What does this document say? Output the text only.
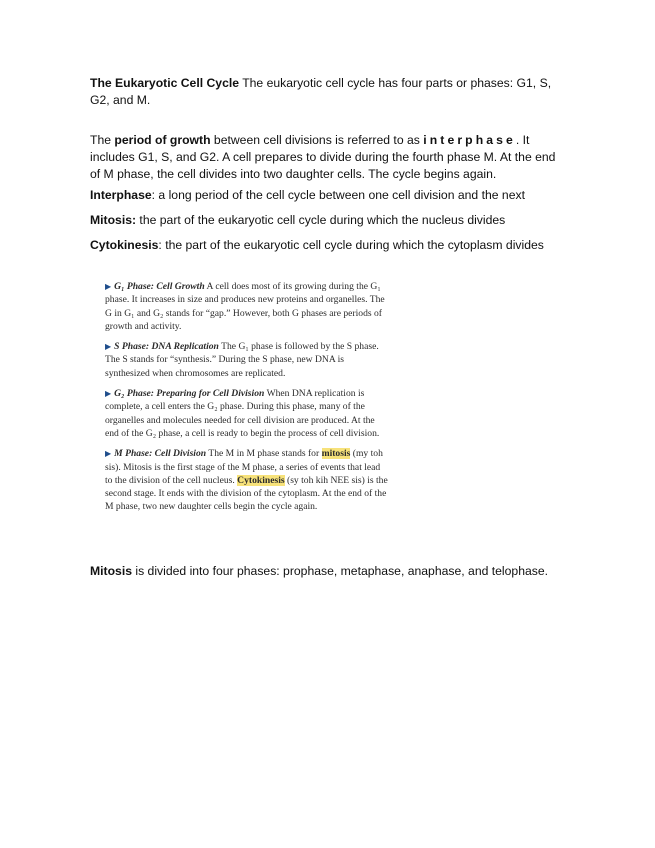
The Eukaryotic Cell Cycle The eukaryotic cell cycle has four parts or phases: G1, S, G2, and M.

The period of growth between cell divisions is referred to as interphase. It includes G1, S, and G2. A cell prepares to divide during the fourth phase M. At the end of M phase, the cell divides into two daughter cells. The cycle begins again.

Interphase: a long period of the cell cycle between one cell division and the next

Mitosis: the part of the eukaryotic cell cycle during which the nucleus divides

Cytokinesis: the part of the eukaryotic cell cycle during which the cytoplasm divides

▶ G₁ Phase: Cell Growth A cell does most of its growing during the G₁ phase. It increases in size and produces new proteins and organelles. The G in G₁ and G₂ stands for “gap.” However, both G phases are periods of growth and activity.

▶ S Phase: DNA Replication The G₁ phase is followed by the S phase. The S stands for “synthesis.” During the S phase, new DNA is synthesized when chromosomes are replicated.

▶ G₂ Phase: Preparing for Cell Division When DNA replication is complete, a cell enters the G₂ phase. During this phase, many of the organelles and molecules needed for cell division are produced. At the end of the G₂ phase, a cell is ready to begin the process of cell division.

▶ M Phase: Cell Division The M in M phase stands for mitosis (my toh sis). Mitosis is the first stage of the M phase, a series of events that lead to the division of the cell nucleus. Cytokinesis (sy toh kih NEE sis) is the second stage. It ends with the division of the cytoplasm. At the end of the M phase, two new daughter cells begin the cycle again.

Mitosis is divided into four phases: prophase, metaphase, anaphase, and telophase.
